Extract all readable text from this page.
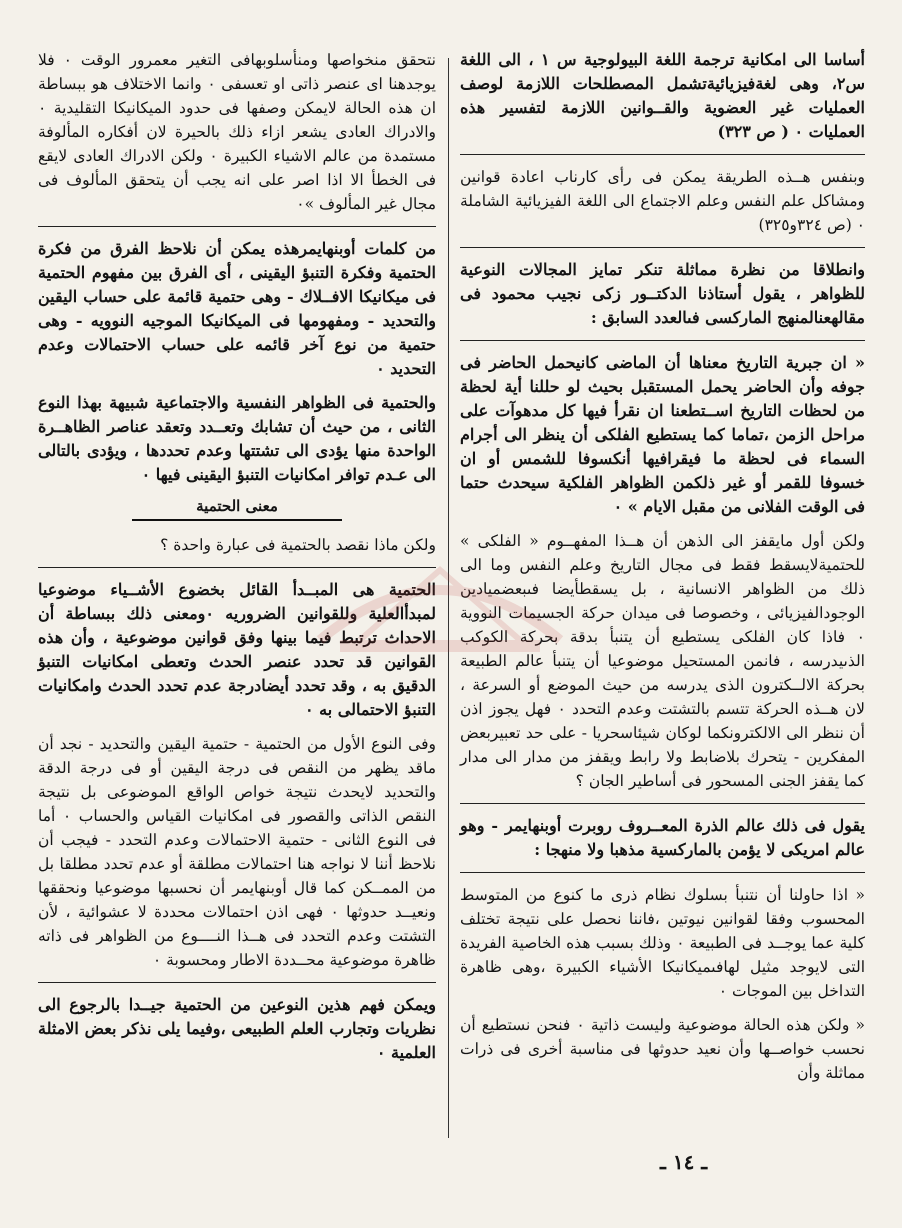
أساسا الى امكانية ترجمة اللغة البيولوجية س ١ ، الى اللغة س٢، وهى لغةفيزيائيةتشمل المصطلحات اللازمة لوصف العمليات غير العضوية والقــوانين اللازمة لتفسير هذه العمليات ٠ ( ص ٣٢٣)

وبنفس هــذه الطريقة يمكن فى رأى كارناب اعادة قوانين ومشاكل علم النفس وعلم الاجتماع الى اللغة الفيزيائية الشاملة ٠ (ص ٣٢٤و٣٢٥)

وانطلاقا من نظرة مماثلة تنكر تمايز المجالات النوعية للظواهر ، يقول أستاذنا الدكتــور زكى نجيب محمود فى مقالهعنالمنهج الماركسى فىالعدد السابق :

« ان جبرية التاريخ معناها أن الماضى كانيحمل الحاضر فى جوفه وأن الحاضر يحمل المستقبل بحيث لو حللنا أية لحظة من لحظات التاريخ اســتطعنا ان نقرأ فيها كل مدهوآت على مراحل الزمن ،تماما كما يستطيع الفلكى أن ينظر الى أجرام السماء فى لحظة ما فيقرافيها أنكسوفا للشمس أو ان خسوفا للقمر أو غير ذلكمن الظواهر الفلكية سيحدث حتما فى الوقت الفلانى من مقبل الايام » ٠

ولكن أول مايقفز الى الذهن أن هــذا المفهــوم « الفلكى » للحتميةلايسقط فقط فى مجال التاريخ وعلم النفس وما الى ذلك من الظواهر الانسانية ، بل يسقطأيضا فىبعضميادين الوجودالفيزيائى ، وخصوصا فى ميدان حركة الجسيمات النووية ٠ فاذا كان الفلكى يستطيع أن يتنبأ بدقة بحركة الكوكب الذىيدرسه ، فانمن المستحيل موضوعيا أن يتنبأ عالم الطبيعة بحركة الالــكترون الذى يدرسه من حيث الموضع أو السرعة ، لان هــذه الحركة تتسم بالتشتت وعدم التحدد ٠ فهل يجوز اذن أن ننظر الى الالكترونكما لوكان شيئاسحريا - على حد تعبيربعض المفكرين - يتحرك بلاضابط ولا رابط ويقفز من مدار الى مدار كما يقفز الجنى المسحور فى أساطير الجان ؟

يقول فى ذلك عالم الذرة المعــروف روبرت أوبنهايمر - وهو عالم امريكى لا يؤمن بالماركسية مذهبا ولا منهجا :

« اذا حاولنا أن نتنبأ بسلوك نظام ذرى ما كنوع من المتوسط المحسوب وفقا لقوانين نيوتين ،فاننا نحصل على نتيجة تختلف كلية عما يوجــد فى الطبيعة ٠ وذلك بسبب هذه الخاصية الفريدة التى لايوجد مثيل لهافىميكانيكا الأشياء الكبيرة ،وهى ظاهرة التداخل بين الموجات ٠

« ولكن هذه الحالة موضوعية وليست ذاتية ٠ فنحن نستطيع أن نحسب خواصــها وأن نعيد حدوثها فى مناسبة أخرى فى ذرات مماثلة وأن

نتحقق منخواصها ومنأسلوبهافى التغير معمرور الوقت ٠ فلا يوجدهنا اى عنصر ذاتى او تعسفى ٠ وانما الاختلاف هو ببساطة ان هذه الحالة لايمكن وصفها فى حدود الميكانيكا التقليدية ٠ والادراك العادى يشعر ازاء ذلك بالحيرة لان أفكاره المألوفة مستمدة من عالم الاشياء الكبيرة ٠ ولكن الادراك العادى لايقع فى الخطأ الا اذا اصر على انه يجب أن يتحقق المألوف فى مجال غير المألوف »٠

من كلمات أوبنهايمرهذه يمكن أن نلاحظ الفرق من فكرة الحتمية وفكرة التنبؤ اليقينى ، أى الفرق بين مفهوم الحتمية فى ميكانيكا الافــلاك - وهى حتمية قائمة على حساب اليقين والتحديد - ومفهومها فى الميكانيكا الموجيه النوويه - وهى حتمية من نوع آخر قائمه على حساب الاحتمالات وعدم التحديد ٠

والحتمية فى الظواهر النفسية والاجتماعية شبيهة بهذا النوع الثانى ، من حيث أن تشابك وتعــدد وتعقد عناصر الظاهــرة الواحدة منها يؤدى الى تشتتها وعدم تحددها ، ويؤدى بالتالى الى عـدم توافر امكانيات التنبؤ اليقينى فيها ٠

معنى الحتمية

ولكن ماذا نقصد بالحتمية فى عبارة واحدة ؟

الحتمية هى المبــدأ القائل بخضوع الأشــياء موضوعيا لمبدأالعلية وللقوانين الضروريه ٠ومعنى ذلك ببساطة أن الاحداث ترتبط فيما بينها وفق قوانين موضوعية ، وأن هذه القوانين قد تحدد عنصر الحدث وتعطى امكانيات التنبؤ الدقيق به ، وقد تحدد أيضادرجة عدم تحدد الحدث وامكانيات التنبؤ الاحتمالى به ٠

وفى النوع الأول من الحتمية - حتمية اليقين والتحديد - نجد أن ماقد يظهر من النقص فى درجة اليقين أو فى درجة الدقة والتحديد لايحدث نتيجة خواص الواقع الموضوعى بل نتيجة النقص الذاتى والقصور فى امكانيات القياس والحساب ٠ أما فى النوع الثانى - حتمية الاحتمالات وعدم التحدد - فيجب أن نلاحظ أننا لا نواجه هنا احتمالات مطلقة أو عدم تحدد مطلقا بل من الممــكن كما قال أوبنهايمر أن نحسبها موضوعيا ونحققها ونعيــد حدوثها ٠ فهى اذن احتمالات محددة لا عشوائية ، لأن التشتت وعدم التحدد فى هــذا النــــوع من الظواهر فى ذاته ظاهرة موضوعية محــددة الاطار ومحسوبة ٠

ويمكن فهم هذين النوعين من الحتمية جيــدا بالرجوع الى نظريات وتجارب العلم الطبيعى ،وفيما يلى نذكر بعض الامثلة العلمية ٠

ـ ١٤ ـ
